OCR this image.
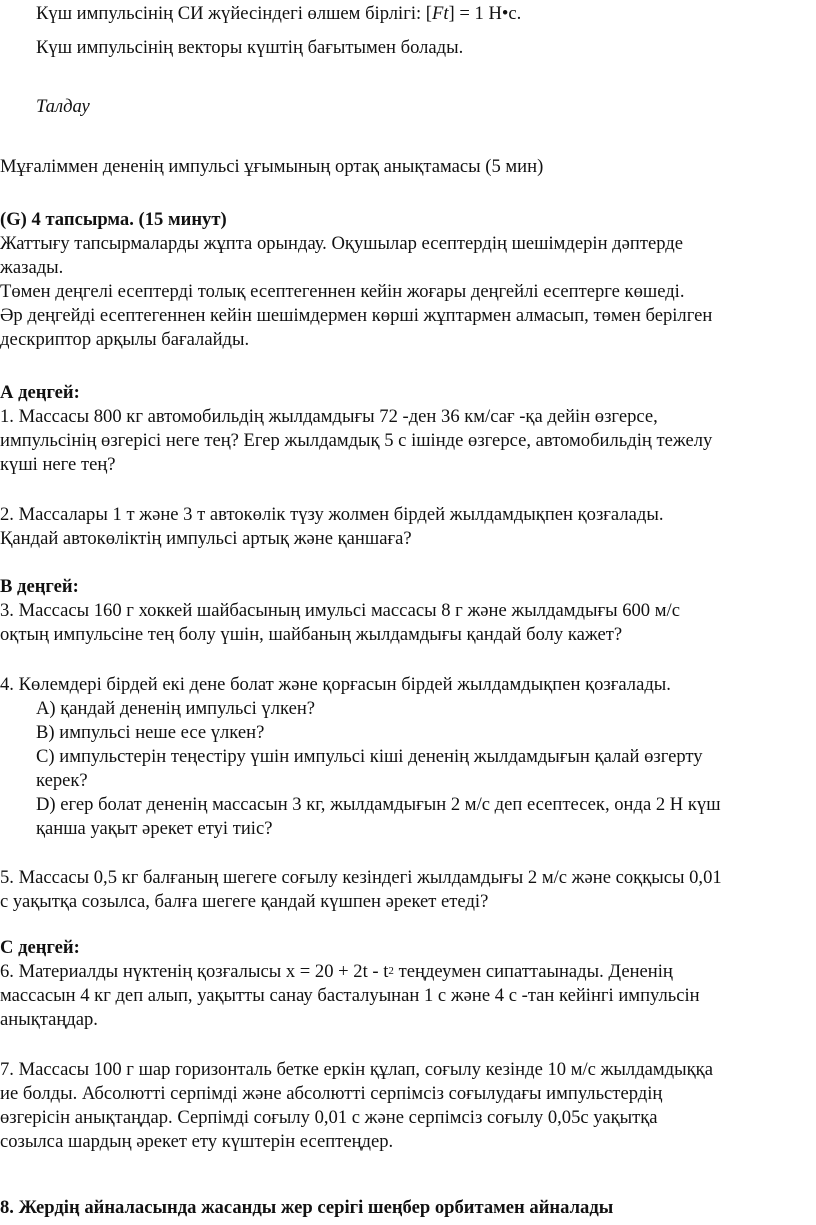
Күш импульсінің СИ жүйесіндегі өлшем бірлігі: [Ft] = 1 Н•с.
Күш импульсінің векторы күштің бағытымен болады.
Талдау
Мұғаліммен дененің импульсі ұғымының ортақ анықтамасы (5 мин)
(G) 4 тапсырма. (15 минут)
Жаттығу тапсырмаларды жұпта орындау. Оқушылар есептердің шешімдерін дәптерде
жазады.
Төмен деңгелі есептерді толық есептегеннен кейін жоғары деңгейлі есептерге көшеді.
Әр деңгейді есептегеннен кейін шешімдермен көрші жұптармен алмасып, төмен берілген
дескриптор арқылы бағалайды.
А деңгей:
1. Массасы 800 кг автомобильдің жылдамдығы 72 -ден 36 км/сағ -қа дейін өзгерсе,
импульсінің өзгерісі неге тең? Егер жылдамдық 5 с ішінде өзгерсе, автомобильдің тежелу
күші неге тең?
2. Массалары 1 т және 3 т автокөлік түзу жолмен бірдей жылдамдықпен қозғалады.
Қандай автокөліктің импульсі артық және қаншаға?
В деңгей:
3. Массасы 160 г хоккей шайбасының имульсі массасы 8 г және жылдамдығы 600 м/с
оқтың импульсіне тең болу үшін, шайбаның жылдамдығы қандай болу кажет?
4. Көлемдері бірдей екі дене болат және қорғасын бірдей жылдамдықпен қозғалады.
А) қандай дененің импульсі үлкен?
В) импульсі неше есе үлкен?
С) импульстерін теңестіру үшін импульсі кіші дененің жылдамдығын қалай өзгерту
керек?
D) егер болат дененің массасын 3 кг, жылдамдығын 2 м/с деп есептесек, онда 2 Н күш
қанша уақыт әрекет етуі тиіс?
5. Массасы 0,5 кг балғаның шегеге соғылу кезіндегі жылдамдығы 2 м/с және соққысы 0,01
с уақытқа созылса, балға шегеге қандай күшпен әрекет етеді?
С деңгей:
6. Материалды нүктенің қозғалысы $x = 20 + 2t - t^2$ теңдеумен сипаттаынады. Дененің
массасын 4 кг деп алып, уақытты санау басталуынан 1 с және 4 с -тан кейінгі импульсін
анықтаңдар.
7. Массасы 100 г шар горизонталь бетке еркін құлап, соғылу кезінде 10 м/с жылдамдыққа
ие болды. Абсолютті серпімді және абсолютті серпімсіз соғылудағы импульстердің
өзгерісін анықтаңдар. Серпімді соғылу 0,01 с және серпімсіз соғылу 0,05с уақытқа
созылса шардың әрекет ету күштерін есептеңдер.
8. Жердің айналасында жасанды жер серігі шеңбер орбитамен айналады
